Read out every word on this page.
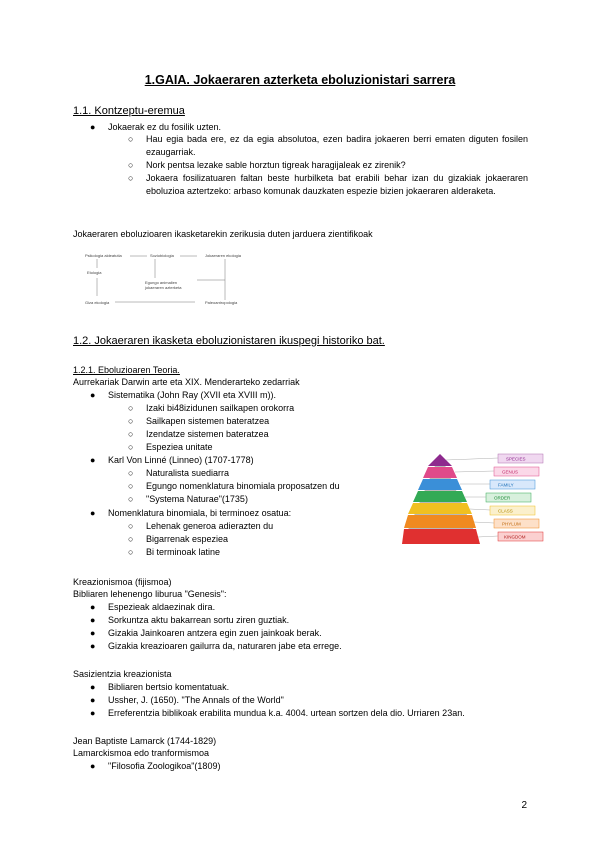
1.GAIA. Jokaeraren azterketa eboluzionistari sarrera
1.1. Kontzeptu-eremua
● Jokaerak ez du fosilik uzten.
○ Hau egia bada ere, ez da egia absolutoa, ezen badira jokaeren berri ematen diguten fosilen ezaugarriak.
○ Nork pentsa lezake sable horztun tigreak haragijaleak ez zirenik?
○ Jokaera fosilizatuaren faltan beste hurbilketa bat erabili behar izan du gizakiak jokaeraren eboluzioa aztertzeko: arbaso komunak dauzkaten espezie bizien jokaeraren alderaketa.
Jokaeraren eboluzioaren ikasketarekin zerikusia duten jarduera zientifikoak
Psikologia aldeatutia	Soziobiologia	Jokaeraren ekologia
Etologia
Egungo animalien
jokaeraren azterketa
Giza ekologia	Paleoantropologia
1.2. Jokaeraren ikasketa eboluzionistaren ikuspegi historiko bat.
1.2.1. Eboluzioaren Teoria.
Aurrekariak Darwin arte eta XIX. Menderarteko zedarriak
● Sistematika (John Ray (XVII eta XVIII m)).
○ Izaki bi48izidunen sailkapen orokorra
○ Sailkapen sistemen bateratzea
○ Izendatze sistemen bateratzea
○ Espeziea unitate
● Karl Von Linné (Linneo) (1707-1778)
○ Naturalista suediarra
○ Egungo nomenklatura binomiala proposatzen du
○ "Systema Naturae"(1735)
● Nomenklatura binomiala, bi terminoez osatua:
○ Lehenak generoa adierazten du
○ Bigarrenak espeziea
○ Bi terminoak latine
SPECIES
GENUS
FAMILY
ORDER
CLASS
PHYLUM
KINGDOM
Kreazionismoa (fijismoa)
Bibliaren lehenengo liburua "Genesis":
● Espezieak aldaezinak dira.
● Sorkuntza aktu bakarrean sortu ziren guztiak.
● Gizakia Jainkoaren antzera egin zuen jainkoak berak.
● Gizakia kreazioaren gailurra da, naturaren jabe eta errege.
Sasizientzia kreazionista
● Bibliaren bertsio komentatuak.
● Ussher, J. (1650). "The Annals of the World"
● Erreferentzia biblikoak erabilita mundua k.a. 4004. urtean sortzen dela dio. Urriaren 23an.
Jean Baptiste Lamarck (1744-1829)
Lamarckismoa edo tranformismoa
● "Filosofia Zoologikoa"(1809)
2
